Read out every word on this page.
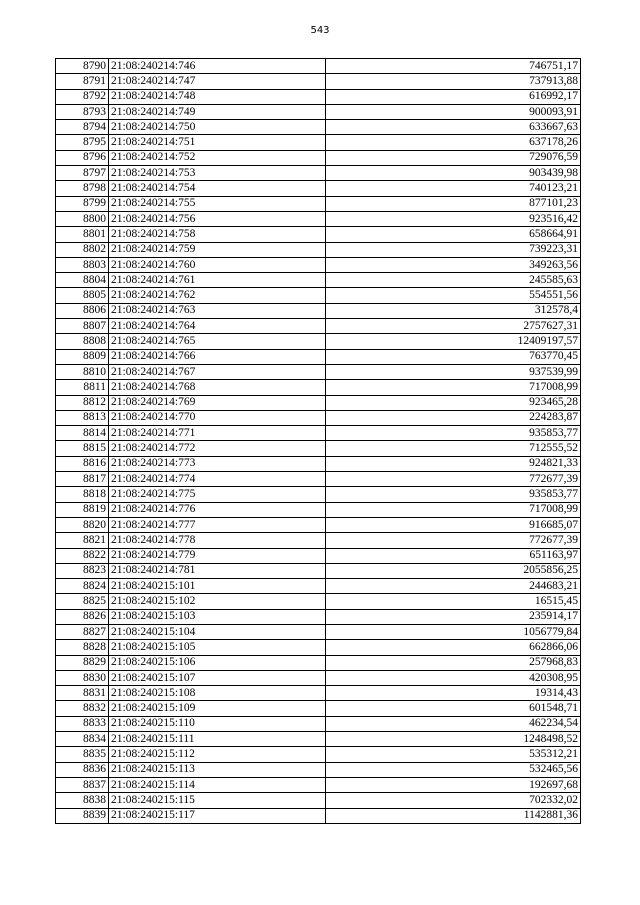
543
8790	21:08:240214:746	746751,17
8791	21:08:240214:747	737913,88
8792	21:08:240214:748	616992,17
8793	21:08:240214:749	900093,91
8794	21:08:240214:750	633667,63
8795	21:08:240214:751	637178,26
8796	21:08:240214:752	729076,59
8797	21:08:240214:753	903439,98
8798	21:08:240214:754	740123,21
8799	21:08:240214:755	877101,23
8800	21:08:240214:756	923516,42
8801	21:08:240214:758	658664,91
8802	21:08:240214:759	739223,31
8803	21:08:240214:760	349263,56
8804	21:08:240214:761	245585,63
8805	21:08:240214:762	554551,56
8806	21:08:240214:763	312578,4
8807	21:08:240214:764	2757627,31
8808	21:08:240214:765	12409197,57
8809	21:08:240214:766	763770,45
8810	21:08:240214:767	937539,99
8811	21:08:240214:768	717008,99
8812	21:08:240214:769	923465,28
8813	21:08:240214:770	224283,87
8814	21:08:240214:771	935853,77
8815	21:08:240214:772	712555,52
8816	21:08:240214:773	924821,33
8817	21:08:240214:774	772677,39
8818	21:08:240214:775	935853,77
8819	21:08:240214:776	717008,99
8820	21:08:240214:777	916685,07
8821	21:08:240214:778	772677,39
8822	21:08:240214:779	651163,97
8823	21:08:240214:781	2055856,25
8824	21:08:240215:101	244683,21
8825	21:08:240215:102	16515,45
8826	21:08:240215:103	235914,17
8827	21:08:240215:104	1056779,84
8828	21:08:240215:105	662866,06
8829	21:08:240215:106	257968,83
8830	21:08:240215:107	420308,95
8831	21:08:240215:108	19314,43
8832	21:08:240215:109	601548,71
8833	21:08:240215:110	462234,54
8834	21:08:240215:111	1248498,52
8835	21:08:240215:112	535312,21
8836	21:08:240215:113	532465,56
8837	21:08:240215:114	192697,68
8838	21:08:240215:115	702332,02
8839	21:08:240215:117	1142881,36
